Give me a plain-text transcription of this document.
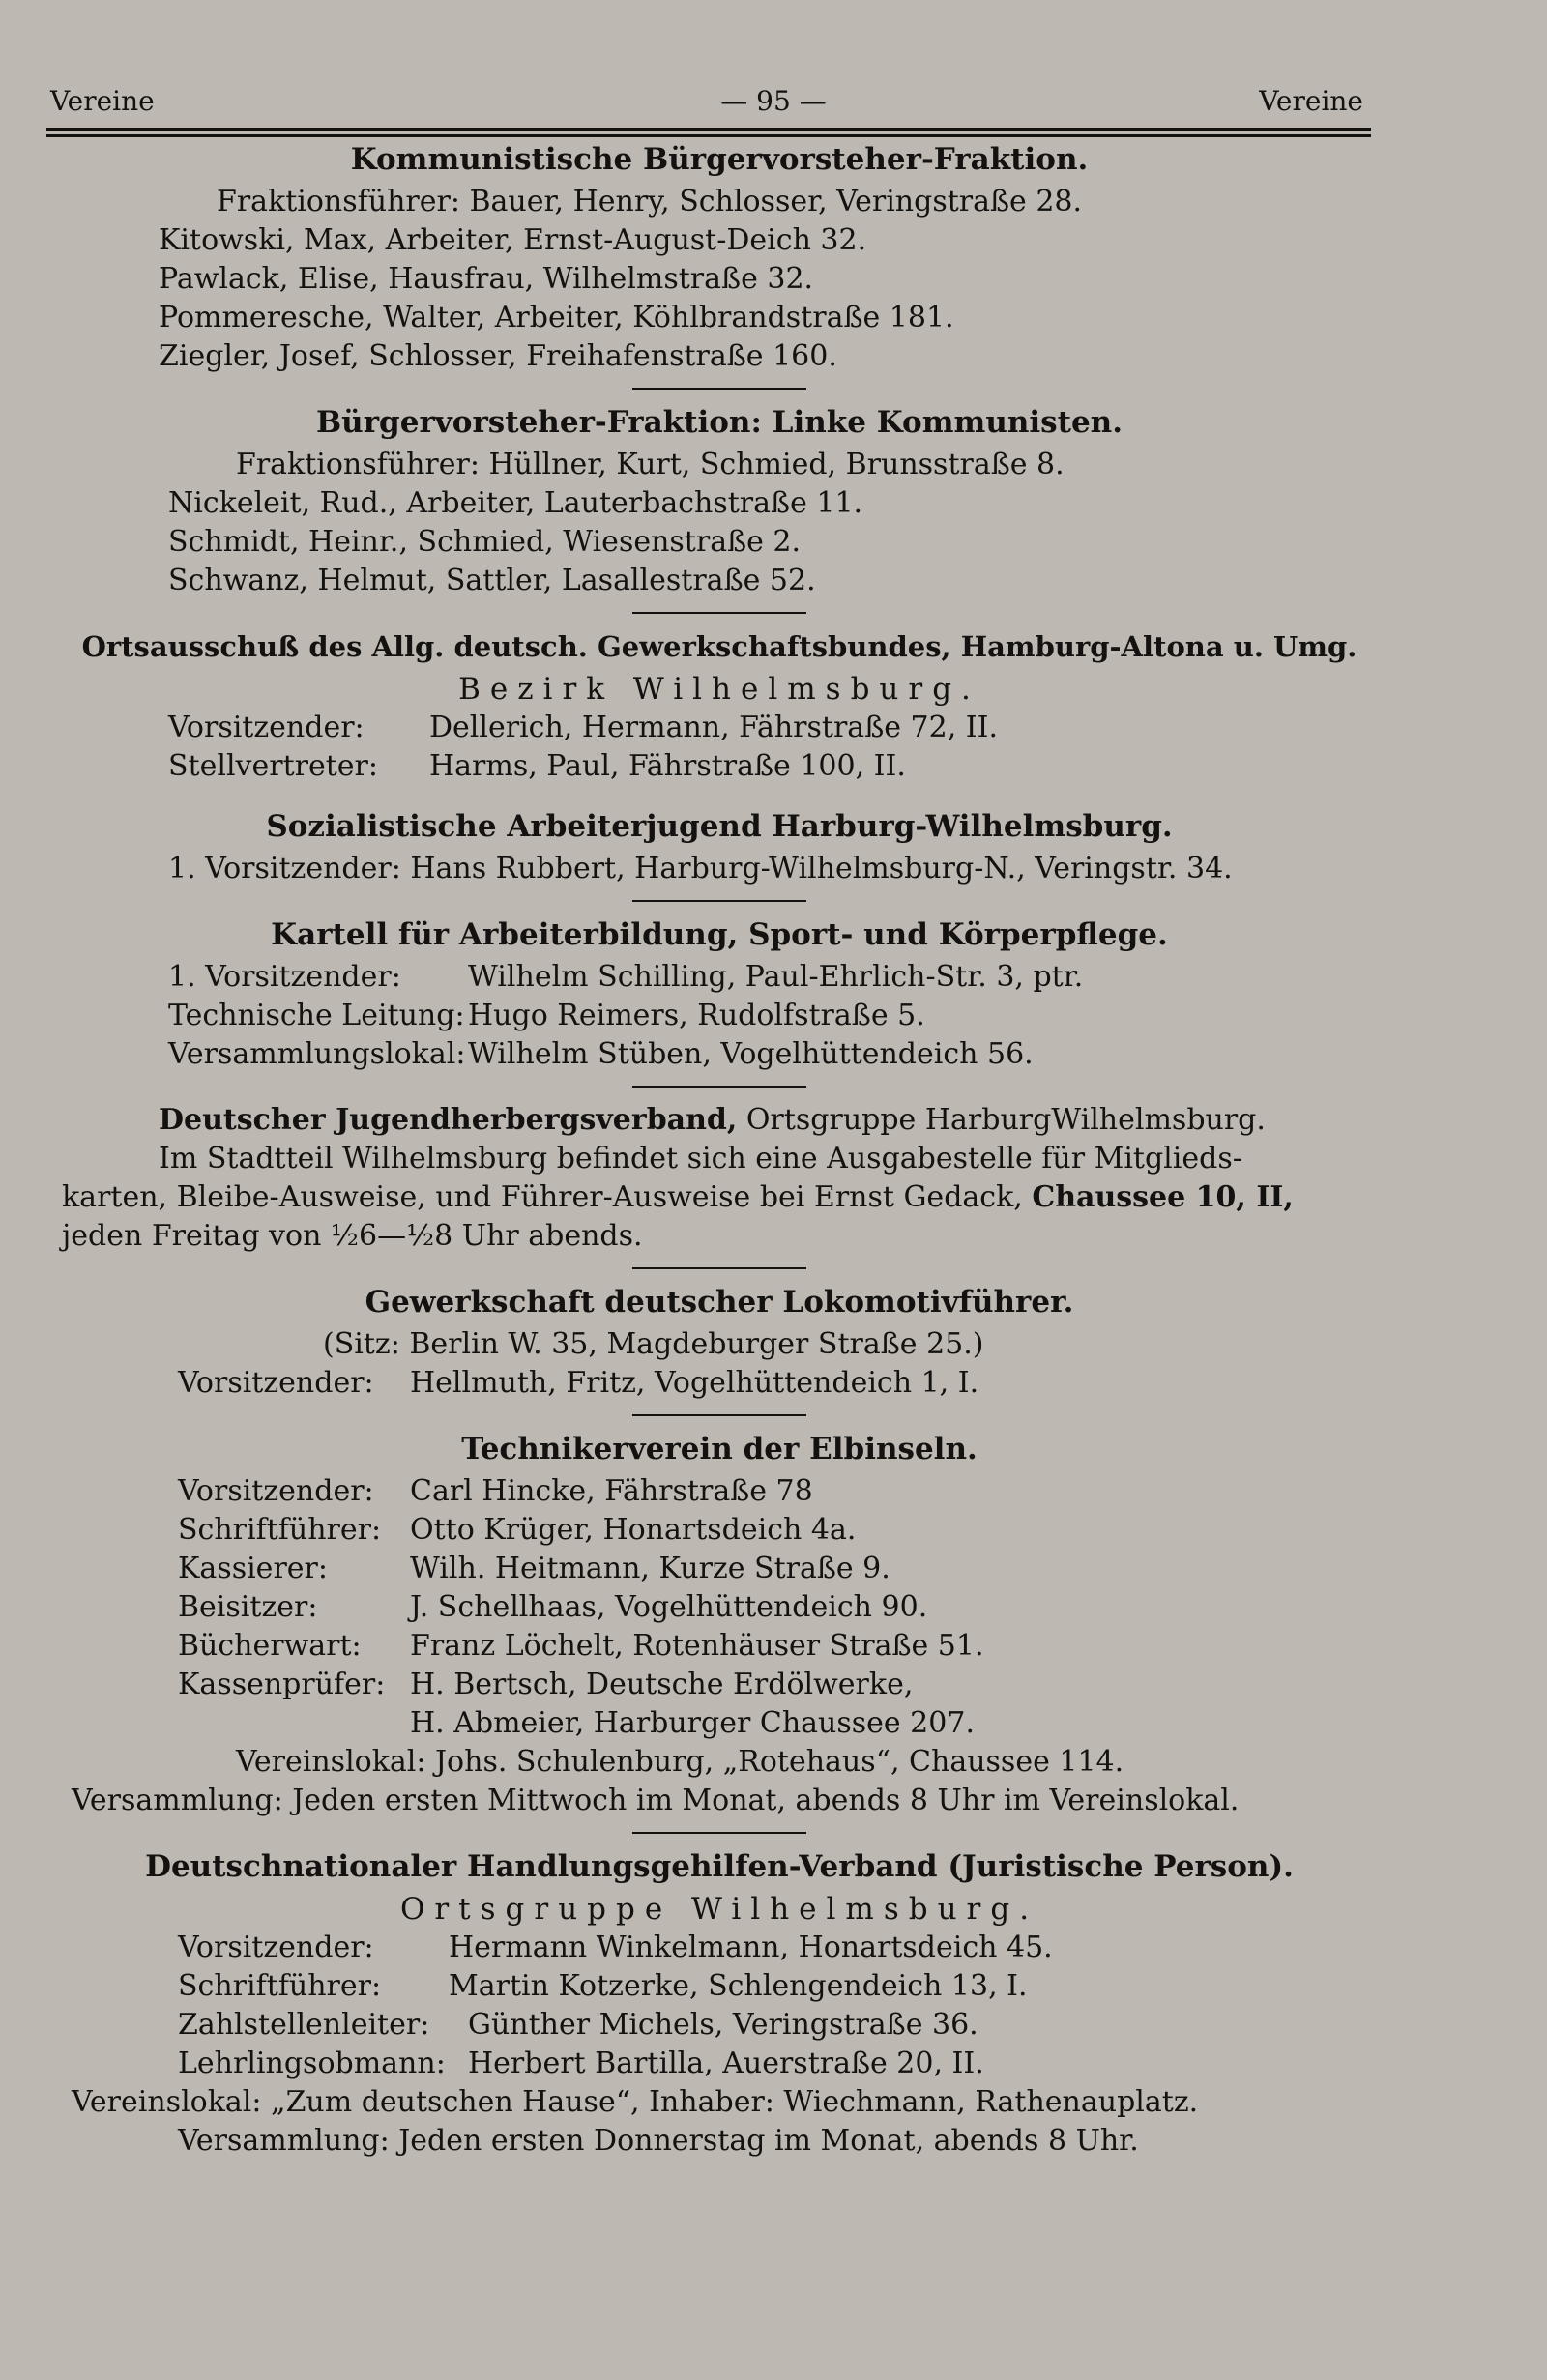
Vereine	— 95 —	Vereine
Kommunistische Bürgervorsteher-Fraktion.
Fraktionsführer: Bauer, Henry, Schlosser, Veringstraße 28.
Kitowski, Max, Arbeiter, Ernst-August-Deich 32.
Pawlack, Elise, Hausfrau, Wilhelmstraße 32.
Pommeresche, Walter, Arbeiter, Köhlbrandstraße 181.
Ziegler, Josef, Schlosser, Freihafenstraße 160.
Bürgervorsteher-Fraktion: Linke Kommunisten.
Fraktionsführer: Hüllner, Kurt, Schmied, Brunsstraße 8.
Nickeleit, Rud., Arbeiter, Lauterbachstraße 11.
Schmidt, Heinr., Schmied, Wiesenstraße 2.
Schwanz, Helmut, Sattler, Lasallestraße 52.
Ortsausschuß des Allg. deutsch. Gewerkschaftsbundes, Hamburg-Altona u. Umg.
Bezirk Wilhelmsburg.
Vorsitzender: Dellerich, Hermann, Fährstraße 72, II.
Stellvertreter: Harms, Paul, Fährstraße 100, II.
Sozialistische Arbeiterjugend Harburg-Wilhelmsburg.
1. Vorsitzender: Hans Rubbert, Harburg-Wilhelmsburg-N., Veringstr. 34.
Kartell für Arbeiterbildung, Sport- und Körperpflege.
1. Vorsitzender: Wilhelm Schilling, Paul-Ehrlich-Str. 3, ptr.
Technische Leitung: Hugo Reimers, Rudolfstraße 5.
Versammlungslokal:Wilhelm Stüben, Vogelhüttendeich 56.
Deutscher Jugendherbergsverband, Ortsgruppe HarburgWilhelmsburg.
Im Stadtteil Wilhelmsburg befindet sich eine Ausgabestelle für Mitglieds-
karten, Bleibe-Ausweise, und Führer-Ausweise bei Ernst Gedack, Chaussee 10, II,
jeden Freitag von ½6—½8 Uhr abends.
Gewerkschaft deutscher Lokomotivführer.
(Sitz: Berlin W. 35, Magdeburger Straße 25.)
Vorsitzender: Hellmuth, Fritz, Vogelhüttendeich 1, I.
Technikerverein der Elbinseln.
Vorsitzender: Carl Hincke, Fährstraße 78
Schriftführer: Otto Krüger, Honartsdeich 4a.
Kassierer:	Wilh. Heitmann, Kurze Straße 9.
Beisitzer:	J. Schellhaas, Vogelhüttendeich 90.
Bücherwart: Franz Löchelt, Rotenhäuser Straße 51.
Kassenprüfer: H. Bertsch, Deutsche Erdölwerke,
H. Abmeier, Harburger Chaussee 207.
Vereinslokal: Johs. Schulenburg, „Rotehaus“, Chaussee 114.
Versammlung: Jeden ersten Mittwoch im Monat, abends 8 Uhr im Vereinslokal.
Deutschnationaler Handlungsgehilfen-Verband (Juristische Person).
Ortsgruppe Wilhelmsburg.
Vorsitzender:	Hermann Winkelmann, Honartsdeich 45.
Schriftführer: Martin Kotzerke, Schlengendeich 13, I.
Zahlstellenleiter: Günther Michels, Veringstraße 36.
Lehrlingsobmann: Herbert Bartilla, Auerstraße 20, II.
Vereinslokal: „Zum deutschen Hause“, Inhaber: Wiechmann, Rathenauplatz.
Versammlung: Jeden ersten Donnerstag im Monat, abends 8 Uhr.
